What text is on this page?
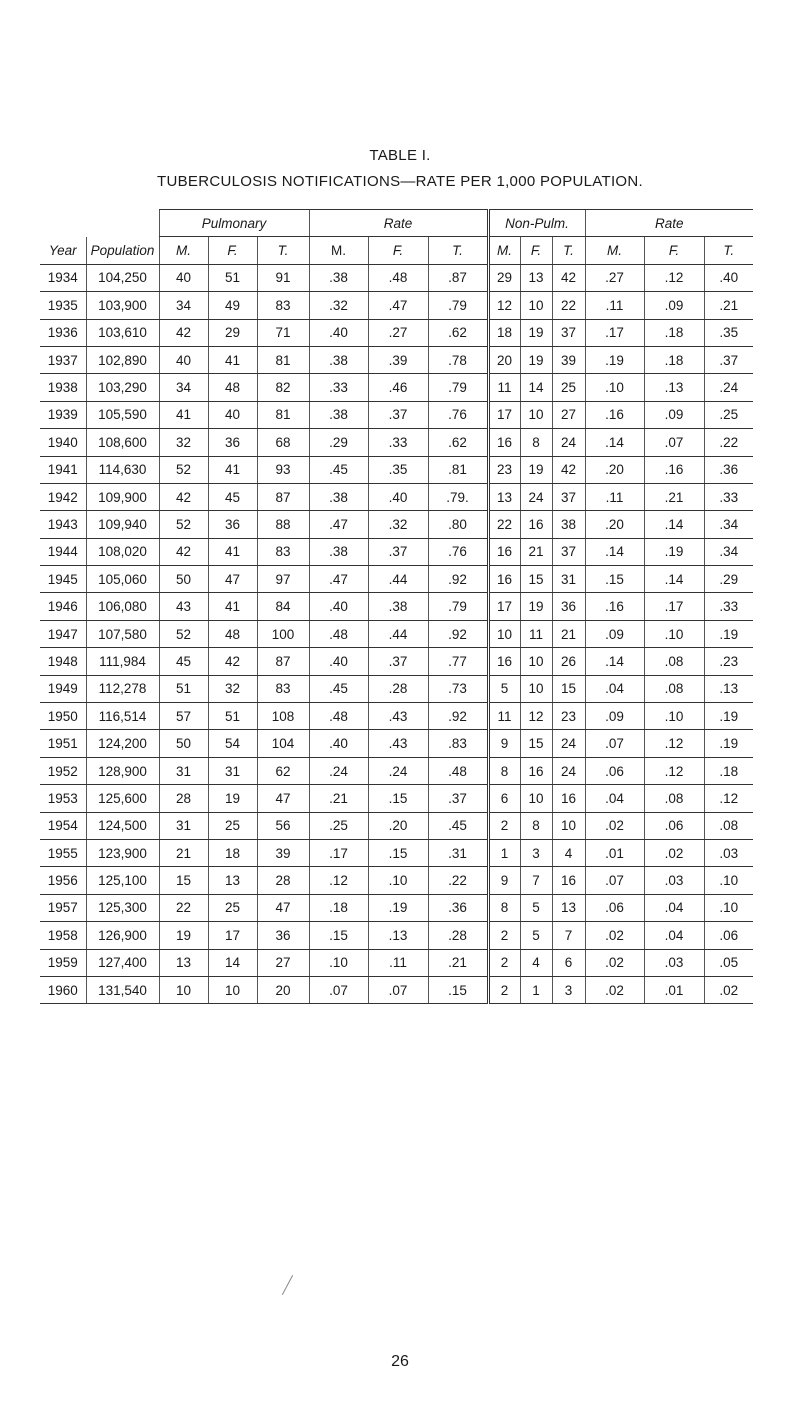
TABLE I.
TUBERCULOSIS NOTIFICATIONS—RATE PER 1,000 POPULATION.
		Pulmonary			Rate			Non-Pulm.			Rate		
Year	Population	M.	F.	T.	M.	F.	T.	M.	F.	T.	M.	F.	T.
1934	104,250	40	51	91	.38	.48	.87	29	13	42	.27	.12	.40
1935	103,900	34	49	83	.32	.47	.79	12	10	22	.11	.09	.21
1936	103,610	42	29	71	.40	.27	.62	18	19	37	.17	.18	.35
1937	102,890	40	41	81	.38	.39	.78	20	19	39	.19	.18	.37
1938	103,290	34	48	82	.33	.46	.79	11	14	25	.10	.13	.24
1939	105,590	41	40	81	.38	.37	.76	17	10	27	.16	.09	.25
1940	108,600	32	36	68	.29	.33	.62	16	8	24	.14	.07	.22
1941	114,630	52	41	93	.45	.35	.81	23	19	42	.20	.16	.36
1942	109,900	42	45	87	.38	.40	.79.	13	24	37	.11	.21	.33
1943	109,940	52	36	88	.47	.32	.80	22	16	38	.20	.14	.34
1944	108,020	42	41	83	.38	.37	.76	16	21	37	.14	.19	.34
1945	105,060	50	47	97	.47	.44	.92	16	15	31	.15	.14	.29
1946	106,080	43	41	84	.40	.38	.79	17	19	36	.16	.17	.33
1947	107,580	52	48	100	.48	.44	.92	10	11	21	.09	.10	.19
1948	111,984	45	42	87	.40	.37	.77	16	10	26	.14	.08	.23
1949	112,278	51	32	83	.45	.28	.73	5	10	15	.04	.08	.13
1950	116,514	57	51	108	.48	.43	.92	11	12	23	.09	.10	.19
1951	124,200	50	54	104	.40	.43	.83	9	15	24	.07	.12	.19
1952	128,900	31	31	62	.24	.24	.48	8	16	24	.06	.12	.18
1953	125,600	28	19	47	.21	.15	.37	6	10	16	.04	.08	.12
1954	124,500	31	25	56	.25	.20	.45	2	8	10	.02	.06	.08
1955	123,900	21	18	39	.17	.15	.31	1	3	4	.01	.02	.03
1956	125,100	15	13	28	.12	.10	.22	9	7	16	.07	.03	.10
1957	125,300	22	25	47	.18	.19	.36	8	5	13	.06	.04	.10
1958	126,900	19	17	36	.15	.13	.28	2	5	7	.02	.04	.06
1959	127,400	13	14	27	.10	.11	.21	2	4	6	.02	.03	.05
1960	131,540	10	10	20	.07	.07	.15	2	1	3	.02	.01	.02
26
